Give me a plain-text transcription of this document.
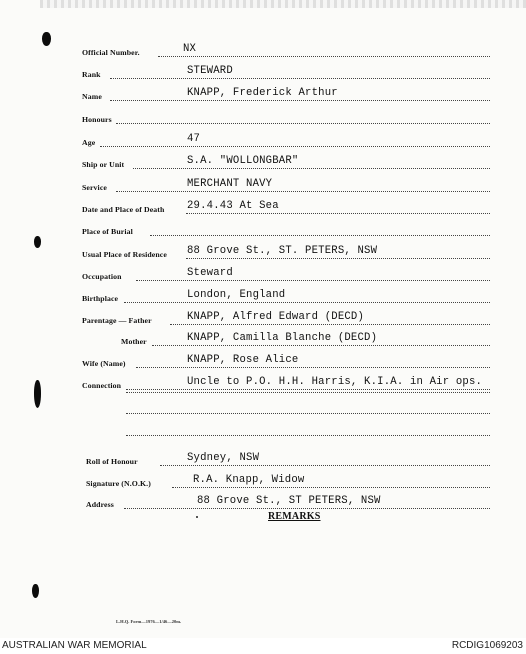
Official Number.	NX
Rank	STEWARD
Name	KNAPP, Frederick Arthur
Honours
Age	47
Ship or Unit	S.A. "WOLLONGBAR"
Service	MERCHANT NAVY
Date and Place of Death 29.4.43 At Sea
Place of Burial
Usual Place of Residence 88 Grove St., ST. PETERS, NSW
Occupation	Steward
Birthplace	London, England
Parentage — Father	KNAPP, Alfred Edward (DECD)
Mother	KNAPP, Camilla Blanche (DECD)
Wife (Name)	KNAPP, Rose Alice
Connection	Uncle to P.O. H.H. Harris, K.I.A. in Air ops.
Roll of Honour	Sydney, NSW
Signature (N.O.K.)	R.A. Knapp, Widow
Address	88 Grove St., ST PETERS, NSW
REMARKS
L.H.Q. Form—1976—1/46—20m.
AUSTRALIAN WAR MEMORIAL	RCDIG1069203
